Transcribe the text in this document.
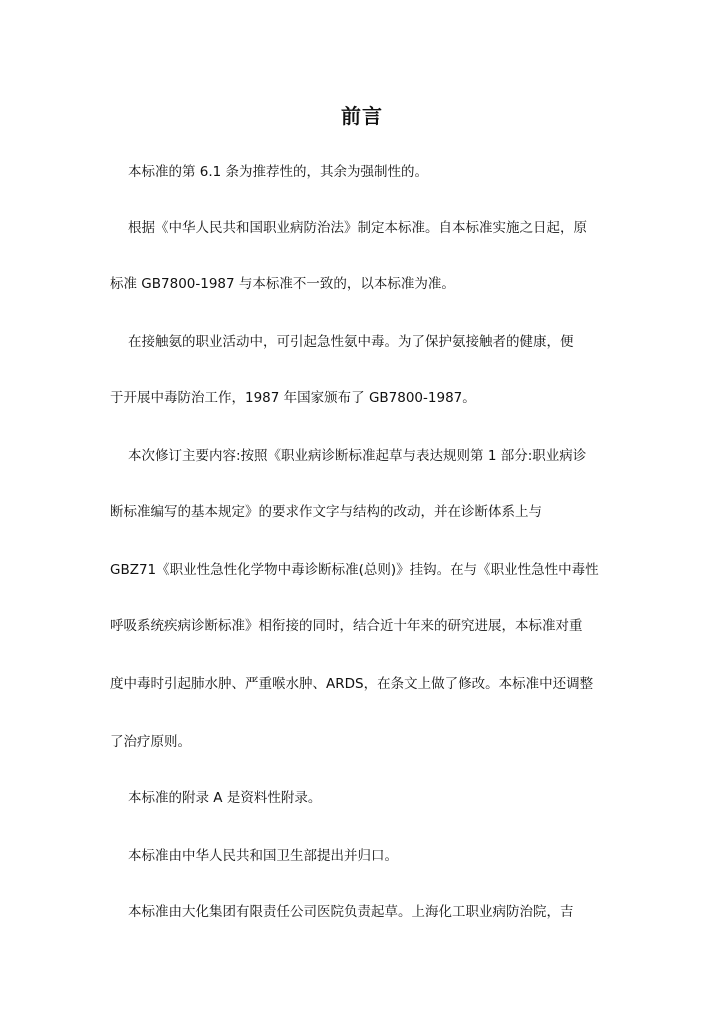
前言
本标准的第 6.1 条为推荐性的，其余为强制性的。
根据《中华人民共和国职业病防治法》制定本标准。自本标准实施之日起，原
标准 GB7800-1987 与本标准不一致的，以本标准为准。
在接触氨的职业活动中，可引起急性氨中毒。为了保护氨接触者的健康，便
于开展中毒防治工作，1987 年国家颁布了 GB7800-1987。
本次修订主要内容:按照《职业病诊断标准起草与表达规则第 1 部分:职业病诊
断标准编写的基本规定》的要求作文字与结构的改动，并在诊断体系上与
GBZ71《职业性急性化学物中毒诊断标准(总则)》挂钩。在与《职业性急性中毒性
呼吸系统疾病诊断标准》相衔接的同时，结合近十年来的研究进展，本标准对重
度中毒时引起肺水肿、严重喉水肿、ARDS，在条文上做了修改。本标准中还调整
了治疗原则。
本标准的附录 A 是资料性附录。
本标准由中华人民共和国卫生部提出并归口。
本标准由大化集团有限责任公司医院负责起草。上海化工职业病防治院，吉
